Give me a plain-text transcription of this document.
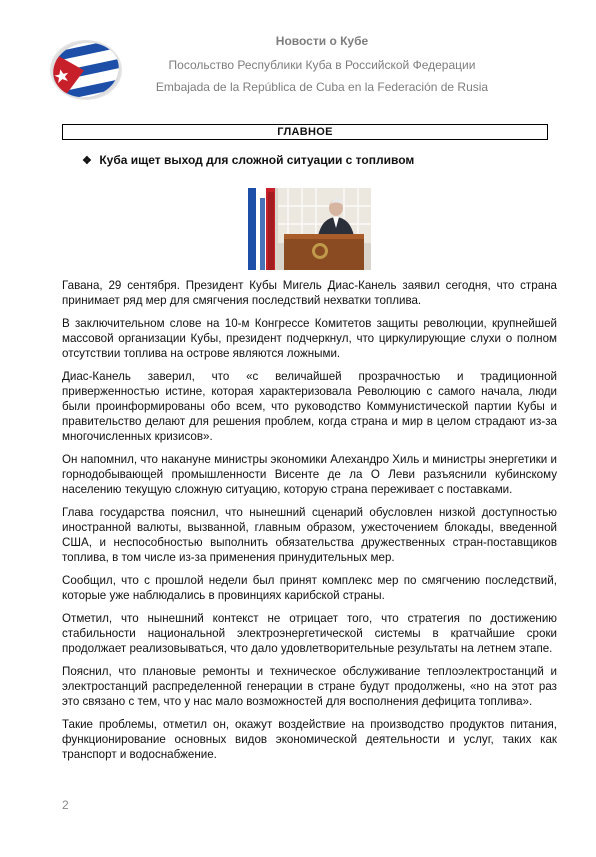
Новости о Кубе
Посольство Республики Куба в Российской Федерации
Embajada de la República de Cuba en la Federación de Rusia
ГЛАВНОЕ
❖ Куба ищет выход для сложной ситуации с топливом

Гавана, 29 сентября. Президент Кубы Мигель Диас-Канель заявил сегодня, что страна принимает ряд мер для смягчения последствий нехватки топлива.

В заключительном слове на 10-м Конгрессе Комитетов защиты революции, крупнейшей массовой организации Кубы, президент подчеркнул, что циркулирующие слухи о полном отсутствии топлива на острове являются ложными.

Диас-Канель заверил, что «с величайшей прозрачностью и традиционной приверженностью истине, которая характеризовала Революцию с самого начала, люди были проинформированы обо всем, что руководство Коммунистической партии Кубы и правительство делают для решения проблем, когда страна и мир в целом страдают из-за многочисленных кризисов».

Он напомнил, что накануне министры экономики Алехандро Хиль и министры энергетики и горнодобывающей промышленности Висенте де ла О Леви разъяснили кубинскому населению текущую сложную ситуацию, которую страна переживает с поставками.

Глава государства пояснил, что нынешний сценарий обусловлен низкой доступностью иностранной валюты, вызванной, главным образом, ужесточением блокады, введенной США, и неспособностью выполнить обязательства дружественных стран-поставщиков топлива, в том числе из-за применения принудительных мер.

Сообщил, что с прошлой недели был принят комплекс мер по смягчению последствий, которые уже наблюдались в провинциях карибской страны.

Отметил, что нынешний контекст не отрицает того, что стратегия по достижению стабильности национальной электроэнергетической системы в кратчайшие сроки продолжает реализовываться, что дало удовлетворительные результаты на летнем этапе.

Пояснил, что плановые ремонты и техническое обслуживание теплоэлектростанций и электростанций распределенной генерации в стране будут продолжены, «но на этот раз это связано с тем, что у нас мало возможностей для восполнения дефицита топлива».

Такие проблемы, отметил он, окажут воздействие на производство продуктов питания, функционирование основных видов экономической деятельности и услуг, таких как транспорт и водоснабжение.

2
